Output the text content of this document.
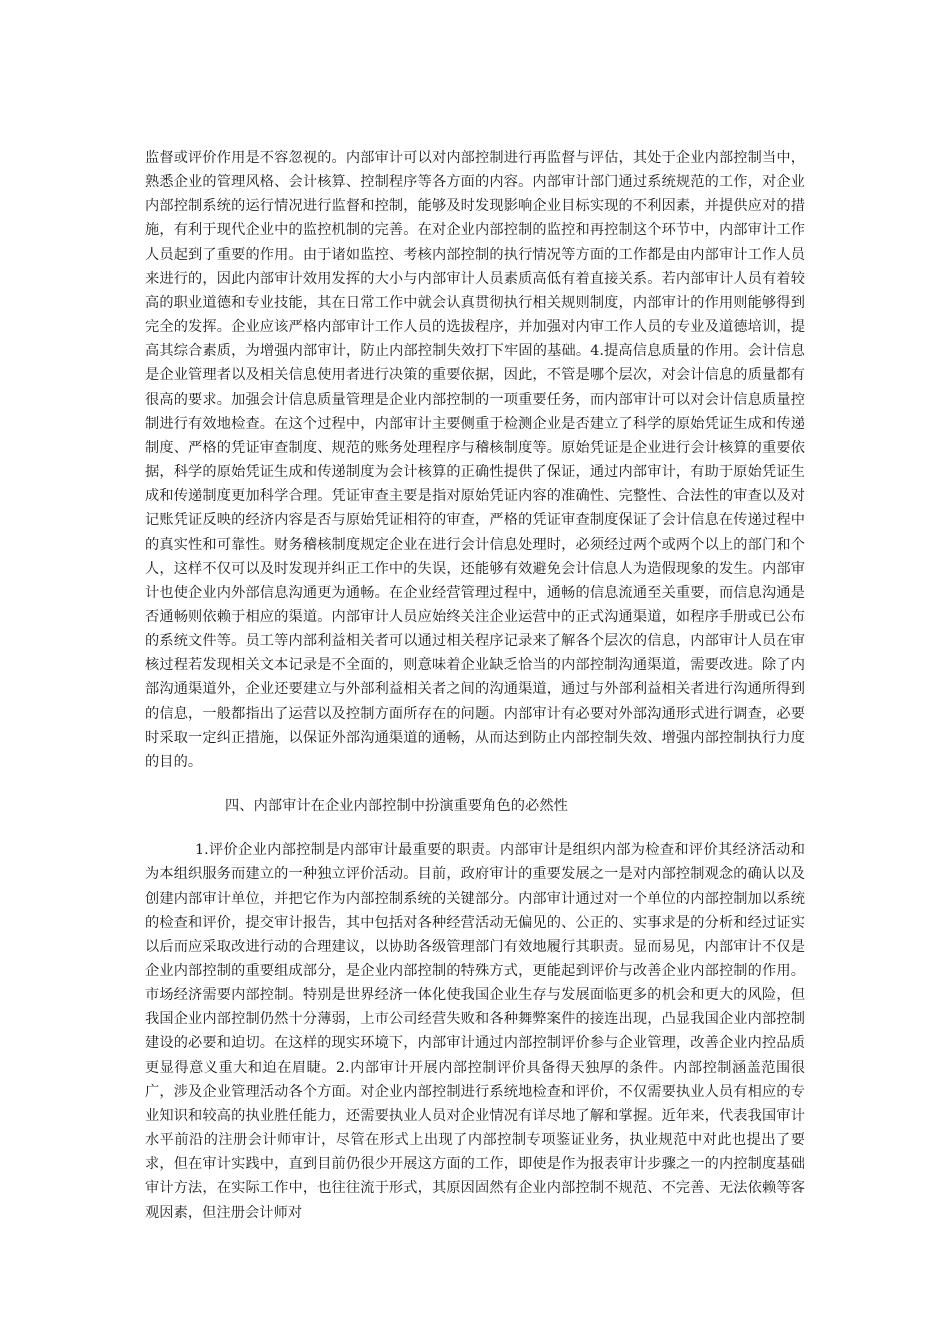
监督或评价作用是不容忽视的。内部审计可以对内部控制进行再监督与评估，其处于企业内部控制当中，熟悉企业的管理风格、会计核算、控制程序等各方面的内容。内部审计部门通过系统规范的工作，对企业内部控制系统的运行情况进行监督和控制，能够及时发现影响企业目标实现的不利因素，并提供应对的措施，有利于现代企业中的监控机制的完善。在对企业内部控制的监控和再控制这个环节中，内部审计工作人员起到了重要的作用。由于诸如监控、考核内部控制的执行情况等方面的工作都是由内部审计工作人员来进行的，因此内部审计效用发挥的大小与内部审计人员素质高低有着直接关系。若内部审计人员有着较高的职业道德和专业技能，其在日常工作中就会认真贯彻执行相关规则制度，内部审计的作用则能够得到完全的发挥。企业应该严格内部审计工作人员的选拔程序，并加强对内审工作人员的专业及道德培训，提高其综合素质，为增强内部审计，防止内部控制失效打下牢固的基础。4.提高信息质量的作用。会计信息是企业管理者以及相关信息使用者进行决策的重要依据，因此，不管是哪个层次，对会计信息的质量都有很高的要求。加强会计信息质量管理是企业内部控制的一项重要任务，而内部审计可以对会计信息质量控制进行有效地检查。在这个过程中，内部审计主要侧重于检测企业是否建立了科学的原始凭证生成和传递制度、严格的凭证审查制度、规范的账务处理程序与稽核制度等。原始凭证是企业进行会计核算的重要依据，科学的原始凭证生成和传递制度为会计核算的正确性提供了保证，通过内部审计，有助于原始凭证生成和传递制度更加科学合理。凭证审查主要是指对原始凭证内容的准确性、完整性、合法性的审查以及对记账凭证反映的经济内容是否与原始凭证相符的审查，严格的凭证审查制度保证了会计信息在传递过程中的真实性和可靠性。财务稽核制度规定企业在进行会计信息处理时，必须经过两个或两个以上的部门和个人，这样不仅可以及时发现并纠正工作中的失误，还能够有效避免会计信息人为造假现象的发生。内部审计也使企业内外部信息沟通更为通畅。在企业经营管理过程中，通畅的信息流通至关重要，而信息沟通是否通畅则依赖于相应的渠道。内部审计人员应始终关注企业运营中的正式沟通渠道，如程序手册或已公布的系统文件等。员工等内部利益相关者可以通过相关程序记录来了解各个层次的信息，内部审计人员在审核过程若发现相关文本记录是不全面的，则意味着企业缺乏恰当的内部控制沟通渠道，需要改进。除了内部沟通渠道外，企业还要建立与外部利益相关者之间的沟通渠道，通过与外部利益相关者进行沟通所得到的信息，一般都指出了运营以及控制方面所存在的问题。内部审计有必要对外部沟通形式进行调查，必要时采取一定纠正措施，以保证外部沟通渠道的通畅，从而达到防止内部控制失效、增强内部控制执行力度的目的。

四、内部审计在企业内部控制中扮演重要角色的必然性

1.评价企业内部控制是内部审计最重要的职责。内部审计是组织内部为检查和评价其经济活动和为本组织服务而建立的一种独立评价活动。目前，政府审计的重要发展之一是对内部控制观念的确认以及创建内部审计单位，并把它作为内部控制系统的关键部分。内部审计通过对一个单位的内部控制加以系统的检查和评价，提交审计报告，其中包括对各种经营活动无偏见的、公正的、实事求是的分析和经过证实以后而应采取改进行动的合理建议，以协助各级管理部门有效地履行其职责。显而易见，内部审计不仅是企业内部控制的重要组成部分，是企业内部控制的特殊方式，更能起到评价与改善企业内部控制的作用。市场经济需要内部控制。特别是世界经济一体化使我国企业生存与发展面临更多的机会和更大的风险，但我国企业内部控制仍然十分薄弱，上市公司经营失败和各种舞弊案件的接连出现，凸显我国企业内部控制建设的必要和迫切。在这样的现实环境下，内部审计通过内部控制评价参与企业管理，改善企业内控品质更显得意义重大和迫在眉睫。2.内部审计开展内部控制评价具备得天独厚的条件。内部控制涵盖范围很广，涉及企业管理活动各个方面。对企业内部控制进行系统地检查和评价，不仅需要执业人员有相应的专业知识和较高的执业胜任能力，还需要执业人员对企业情况有详尽地了解和掌握。近年来，代表我国审计水平前沿的注册会计师审计，尽管在形式上出现了内部控制专项鉴证业务，执业规范中对此也提出了要求，但在审计实践中，直到目前仍很少开展这方面的工作，即使是作为报表审计步骤之一的内控制度基础审计方法，在实际工作中，也往往流于形式，其原因固然有企业内部控制不规范、不完善、无法依赖等客观因素，但注册会计师对
